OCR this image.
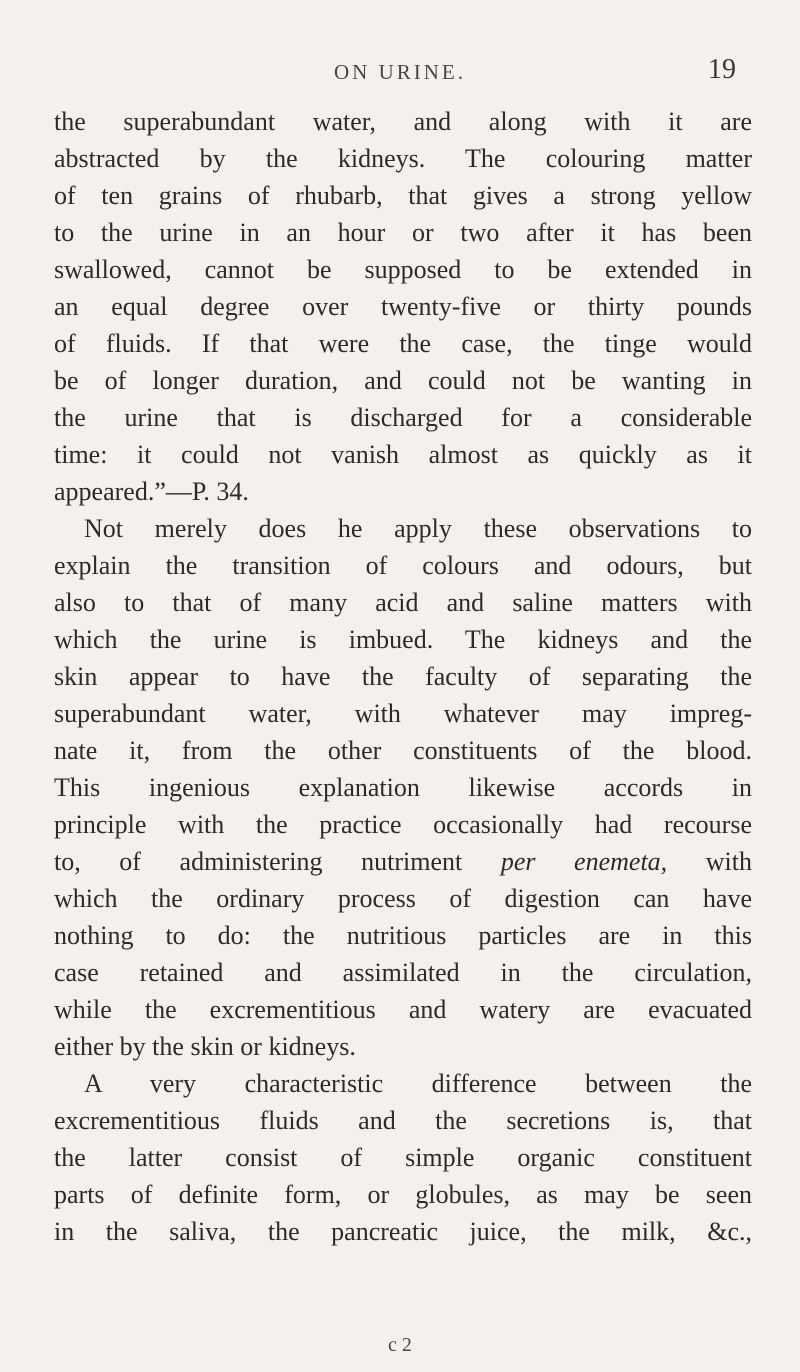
ON URINE.	19
the superabundant water, and along with it are
abstracted by the kidneys. The colouring matter
of ten grains of rhubarb, that gives a strong yellow
to the urine in an hour or two after it has been
swallowed, cannot be supposed to be extended in
an equal degree over twenty-five or thirty pounds
of fluids. If that were the case, the tinge would
be of longer duration, and could not be wanting in
the urine that is discharged for a considerable
time: it could not vanish almost as quickly as it
appeared.”—P. 34.
Not merely does he apply these observations to
explain the transition of colours and odours, but
also to that of many acid and saline matters with
which the urine is imbued. The kidneys and the
skin appear to have the faculty of separating the
superabundant water, with whatever may impreg-
nate it, from the other constituents of the blood.
This ingenious explanation likewise accords in
principle with the practice occasionally had recourse
to, of administering nutriment per enemeta, with
which the ordinary process of digestion can have
nothing to do: the nutritious particles are in this
case retained and assimilated in the circulation,
while the excrementitious and watery are evacuated
either by the skin or kidneys.
A very characteristic difference between the
excrementitious fluids and the secretions is, that
the latter consist of simple organic constituent
parts of definite form, or globules, as may be seen
in the saliva, the pancreatic juice, the milk, &c.,
c 2
